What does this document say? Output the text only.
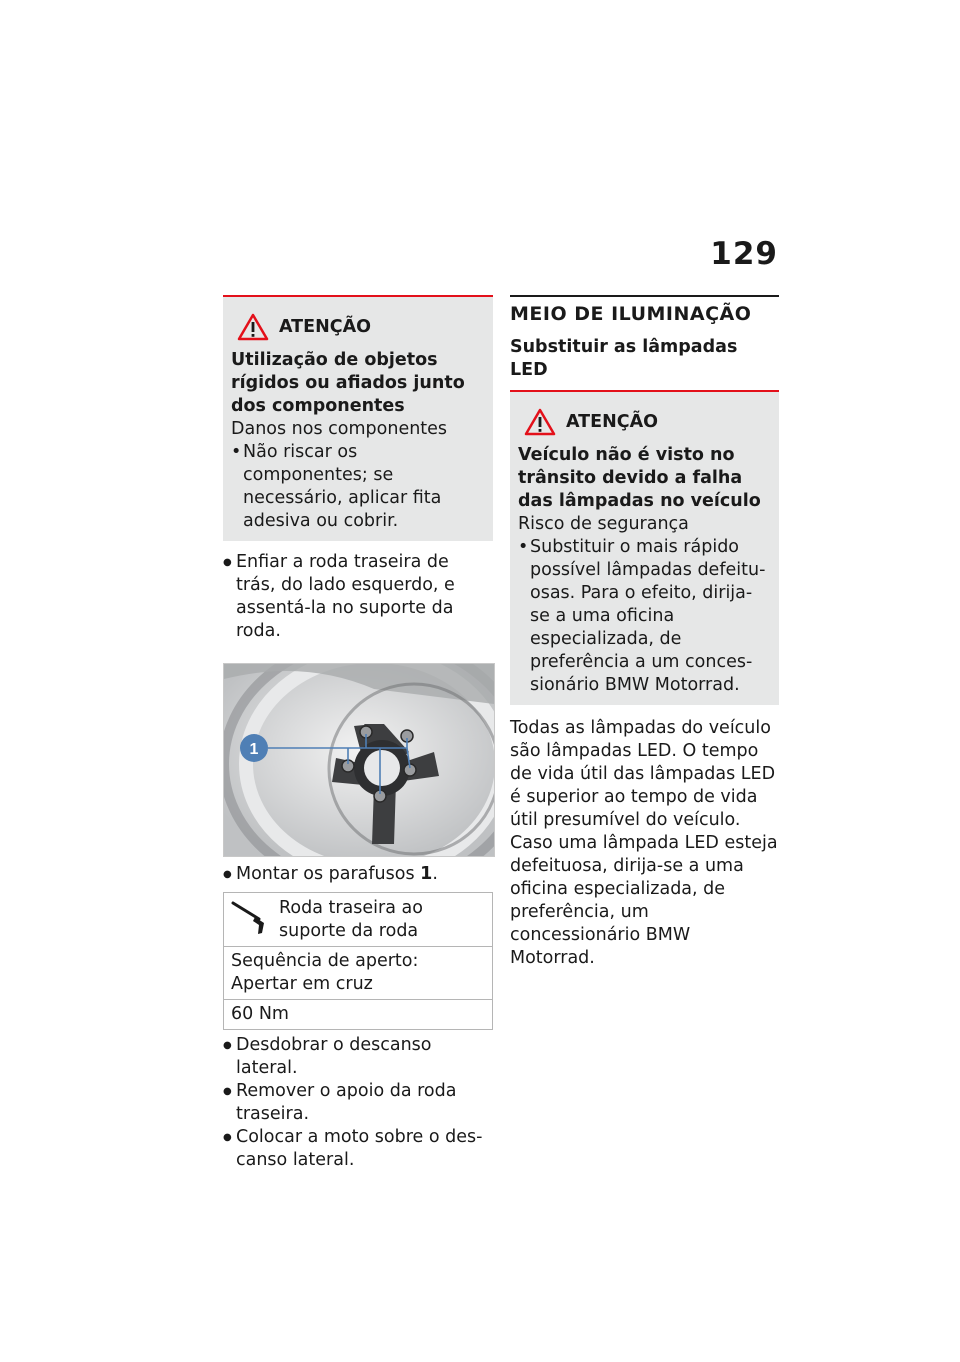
129
ATENÇÃO
Utilização de objetos rígidos ou afiados junto dos componentes
Danos nos componentes
• Não riscar os componentes; se necessário, aplicar fita adesiva ou cobrir.
● Enfiar a roda traseira de trás, do lado esquerdo, e assentá-la no suporte da roda.
1
● Montar os parafusos 1.
Roda traseira ao suporte da roda
Sequência de aperto: Apertar em cruz
60 Nm
● Desdobrar o descanso lateral.
● Remover o apoio da roda traseira.
● Colocar a moto sobre o descanso lateral.
MEIO DE ILUMINAÇÃO
Substituir as lâmpadas LED
ATENÇÃO
Veículo não é visto no trânsito devido a falha das lâmpadas no veículo
Risco de segurança
• Substituir o mais rápido possível lâmpadas defeituosas. Para o efeito, dirija-se a uma oficina especializada, de preferência a um concessionário BMW Motorrad.
Todas as lâmpadas do veículo são lâmpadas LED. O tempo de vida útil das lâmpadas LED é superior ao tempo de vida útil presumível do veículo. Caso uma lâmpada LED esteja defeituosa, dirija-se a uma oficina especializada, de preferência, um concessionário BMW Motorrad.
